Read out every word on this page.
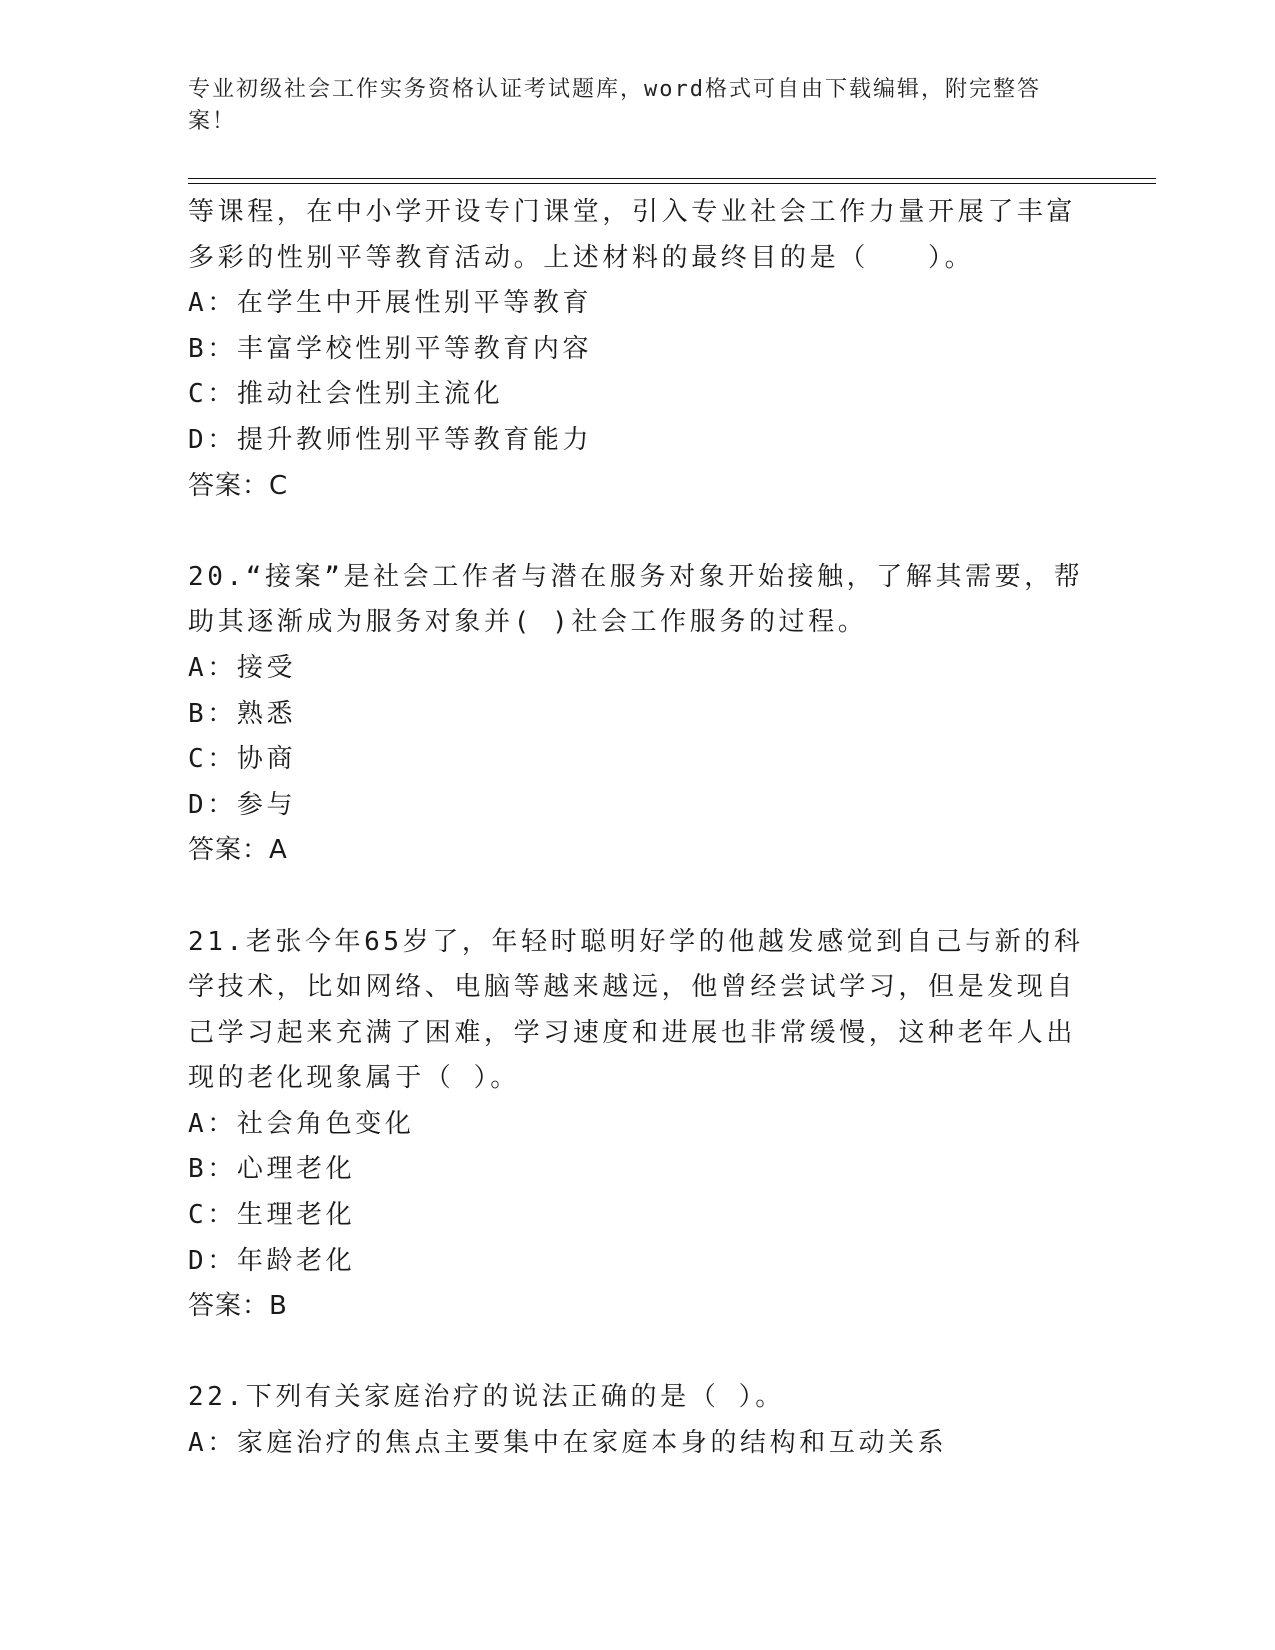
专业初级社会工作实务资格认证考试题库，word格式可自由下载编辑，附完整答
案！
等课程，在中小学开设专门课堂，引入专业社会工作力量开展了丰富
多彩的性别平等教育活动。上述材料的最终目的是（　　）。
A：在学生中开展性别平等教育
B：丰富学校性别平等教育内容
C：推动社会性别主流化
D：提升教师性别平等教育能力
答案：C
20.“接案”是社会工作者与潜在服务对象开始接触，了解其需要，帮
助其逐渐成为服务对象并( )社会工作服务的过程。
A：接受
B：熟悉
C：协商
D：参与
答案：A
21.老张今年65岁了，年轻时聪明好学的他越发感觉到自己与新的科
学技术，比如网络、电脑等越来越远，他曾经尝试学习，但是发现自
己学习起来充满了困难，学习速度和进展也非常缓慢，这种老年人出
现的老化现象属于（ ）。
A：社会角色变化
B：心理老化
C：生理老化
D：年龄老化
答案：B
22.下列有关家庭治疗的说法正确的是（ ）。
A：家庭治疗的焦点主要集中在家庭本身的结构和互动关系
